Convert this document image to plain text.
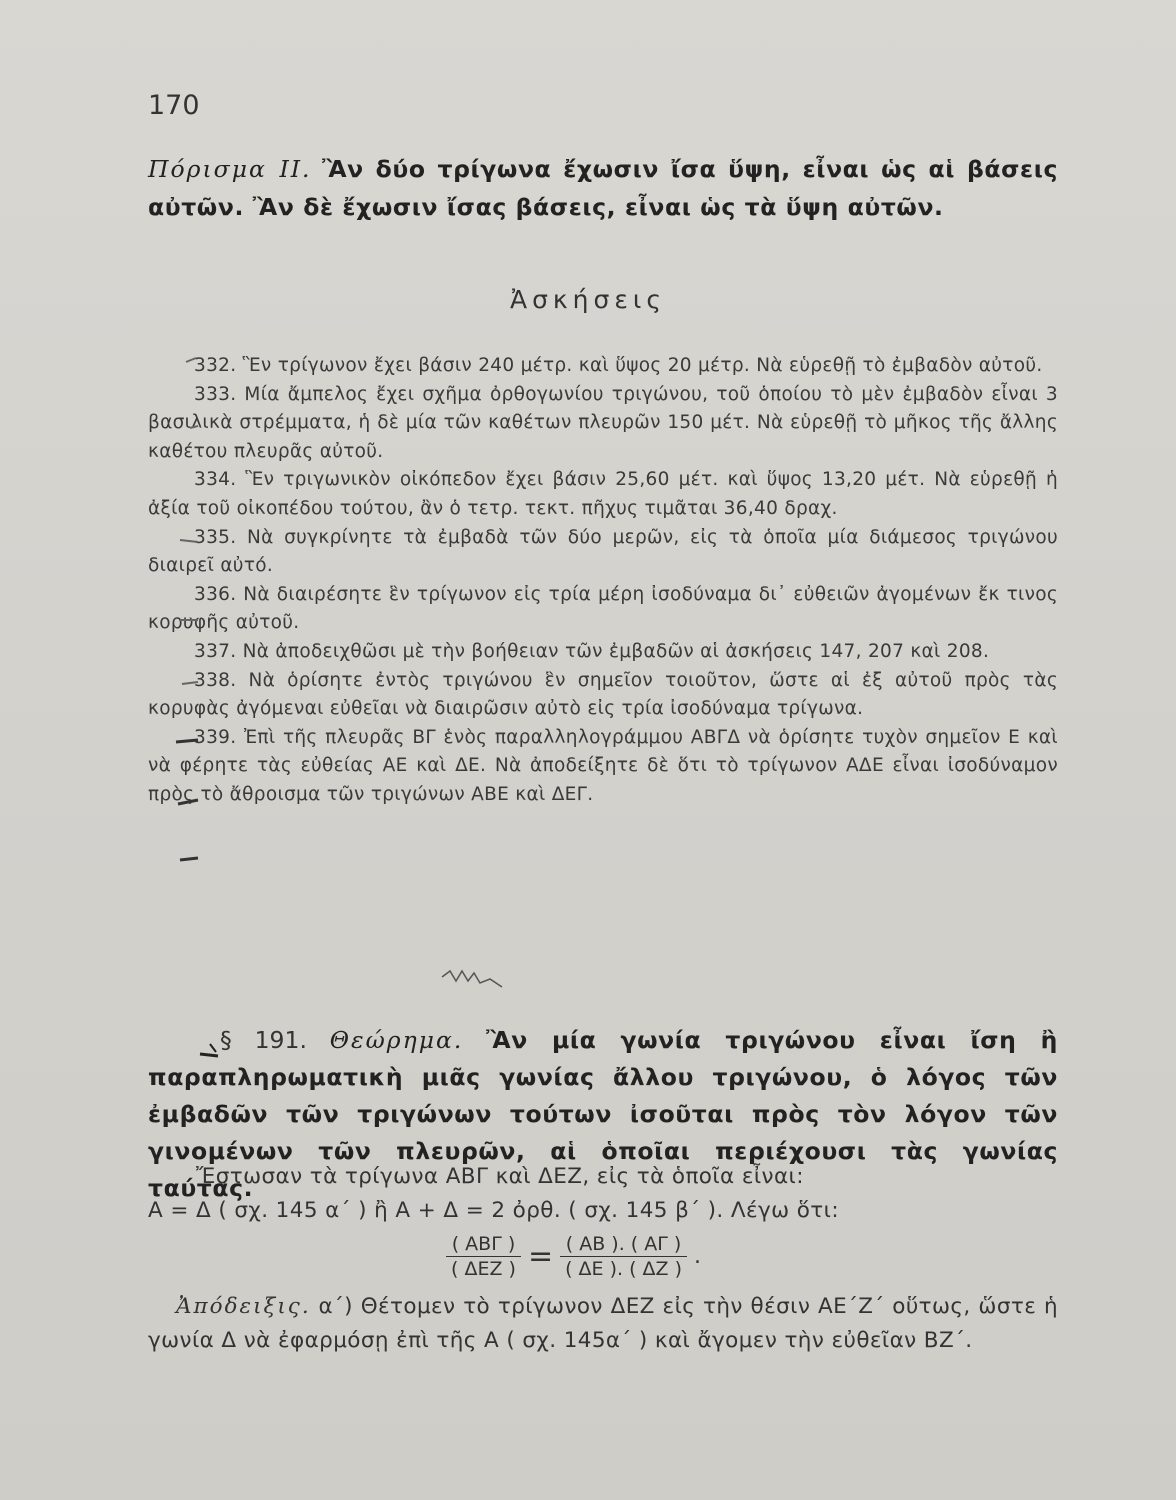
170

Πόρισμα ΙΙ. Ἂν δύο τρίγωνα ἔχωσιν ἴσα ὕψη, εἶναι ὡς αἱ βάσεις αὐτῶν. Ἂν δὲ ἔχωσιν ἴσας βάσεις, εἶναι ὡς τὰ ὕψη αὐτῶν.

Ἀσκήσεις

332. Ἓν τρίγωνον ἔχει βάσιν 240 μέτρ. καὶ ὕψος 20 μέτρ. Νὰ εὑρεθῇ τὸ ἐμβαδὸν αὐτοῦ.

333. Μία ἄμπελος ἔχει σχῆμα ὀρθογωνίου τριγώνου, τοῦ ὁποίου τὸ μὲν ἐμβαδὸν εἶναι 3 βασιλικὰ στρέμματα, ἡ δὲ μία τῶν καθέτων πλευρῶν 150 μέτ. Νὰ εὑρεθῇ τὸ μῆκος τῆς ἄλλης καθέτου πλευρᾶς αὐτοῦ.

334. Ἓν τριγωνικὸν οἰκόπεδον ἔχει βάσιν 25,60 μέτ. καὶ ὕψος 13,20 μέτ. Νὰ εὑρεθῇ ἡ ἀξία τοῦ οἰκοπέδου τούτου, ἂν ὁ τετρ. τεκτ. πῆχυς τιμᾶται 36,40 δραχ.

335. Νὰ συγκρίνητε τὰ ἐμβαδὰ τῶν δύο μερῶν, εἰς τὰ ὁποῖα μία διάμεσος τριγώνου διαιρεῖ αὐτό.

336. Νὰ διαιρέσητε ἓν τρίγωνον εἰς τρία μέρη ἰσοδύναμα δι᾽ εὐθειῶν ἀγομένων ἔκ τινος κορυφῆς αὐτοῦ.

337. Νὰ ἀποδειχθῶσι μὲ τὴν βοήθειαν τῶν ἐμβαδῶν αἱ ἀσκήσεις 147, 207 καὶ 208.

338. Νὰ ὁρίσητε ἐντὸς τριγώνου ἓν σημεῖον τοιοῦτον, ὥστε αἱ ἐξ αὐτοῦ πρὸς τὰς κορυφὰς ἀγόμεναι εὐθεῖαι νὰ διαιρῶσιν αὐτὸ εἰς τρία ἰσοδύναμα τρίγωνα.

339. Ἐπὶ τῆς πλευρᾶς ΒΓ ἑνὸς παραλληλογράμμου ΑΒΓΔ νὰ ὁρίσητε τυχὸν σημεῖον Ε καὶ νὰ φέρητε τὰς εὐθείας ΑΕ καὶ ΔΕ. Νὰ ἀποδείξητε δὲ ὅτι τὸ τρίγωνον ΑΔΕ εἶναι ἰσοδύναμον πρὸς τὸ ἄθροισμα τῶν τριγώνων ΑΒΕ καὶ ΔΕΓ.

§ 191. Θεώρημα. Ἂν μία γωνία τριγώνου εἶναι ἴση ἢ παραπληρωματικὴ μιᾶς γωνίας ἄλλου τριγώνου, ὁ λόγος τῶν ἐμβαδῶν τῶν τριγώνων τούτων ἰσοῦται πρὸς τὸν λόγον τῶν γινομένων τῶν πλευρῶν, αἱ ὁποῖαι περιέχουσι τὰς γωνίας ταύτας.

Ἔστωσαν τὰ τρίγωνα ΑΒΓ καὶ ΔΕΖ, εἰς τὰ ὁποῖα εἶναι:

Α = Δ ( σχ. 145 α΄ ) ἢ Α + Δ = 2 ὀρθ. ( σχ. 145 β΄ ). Λέγω ὅτι:

$\frac{\text{( ΑΒΓ )}}{\text{( ΔΕΖ )}} = \frac{( AB ). ( A\Gamma )}{( \Delta E ). ( \Delta Z )}$ .

Ἀπόδειξις. α΄) Θέτομεν τὸ τρίγωνον ΔΕΖ εἰς τὴν θέσιν ΑΕ΄Ζ΄ οὕτως, ὥστε ἡ γωνία Δ νὰ ἐφαρμόσῃ ἐπὶ τῆς Α ( σχ. 145α΄ ) καὶ ἄγομεν τὴν εὐθεῖαν ΒΖ΄.
